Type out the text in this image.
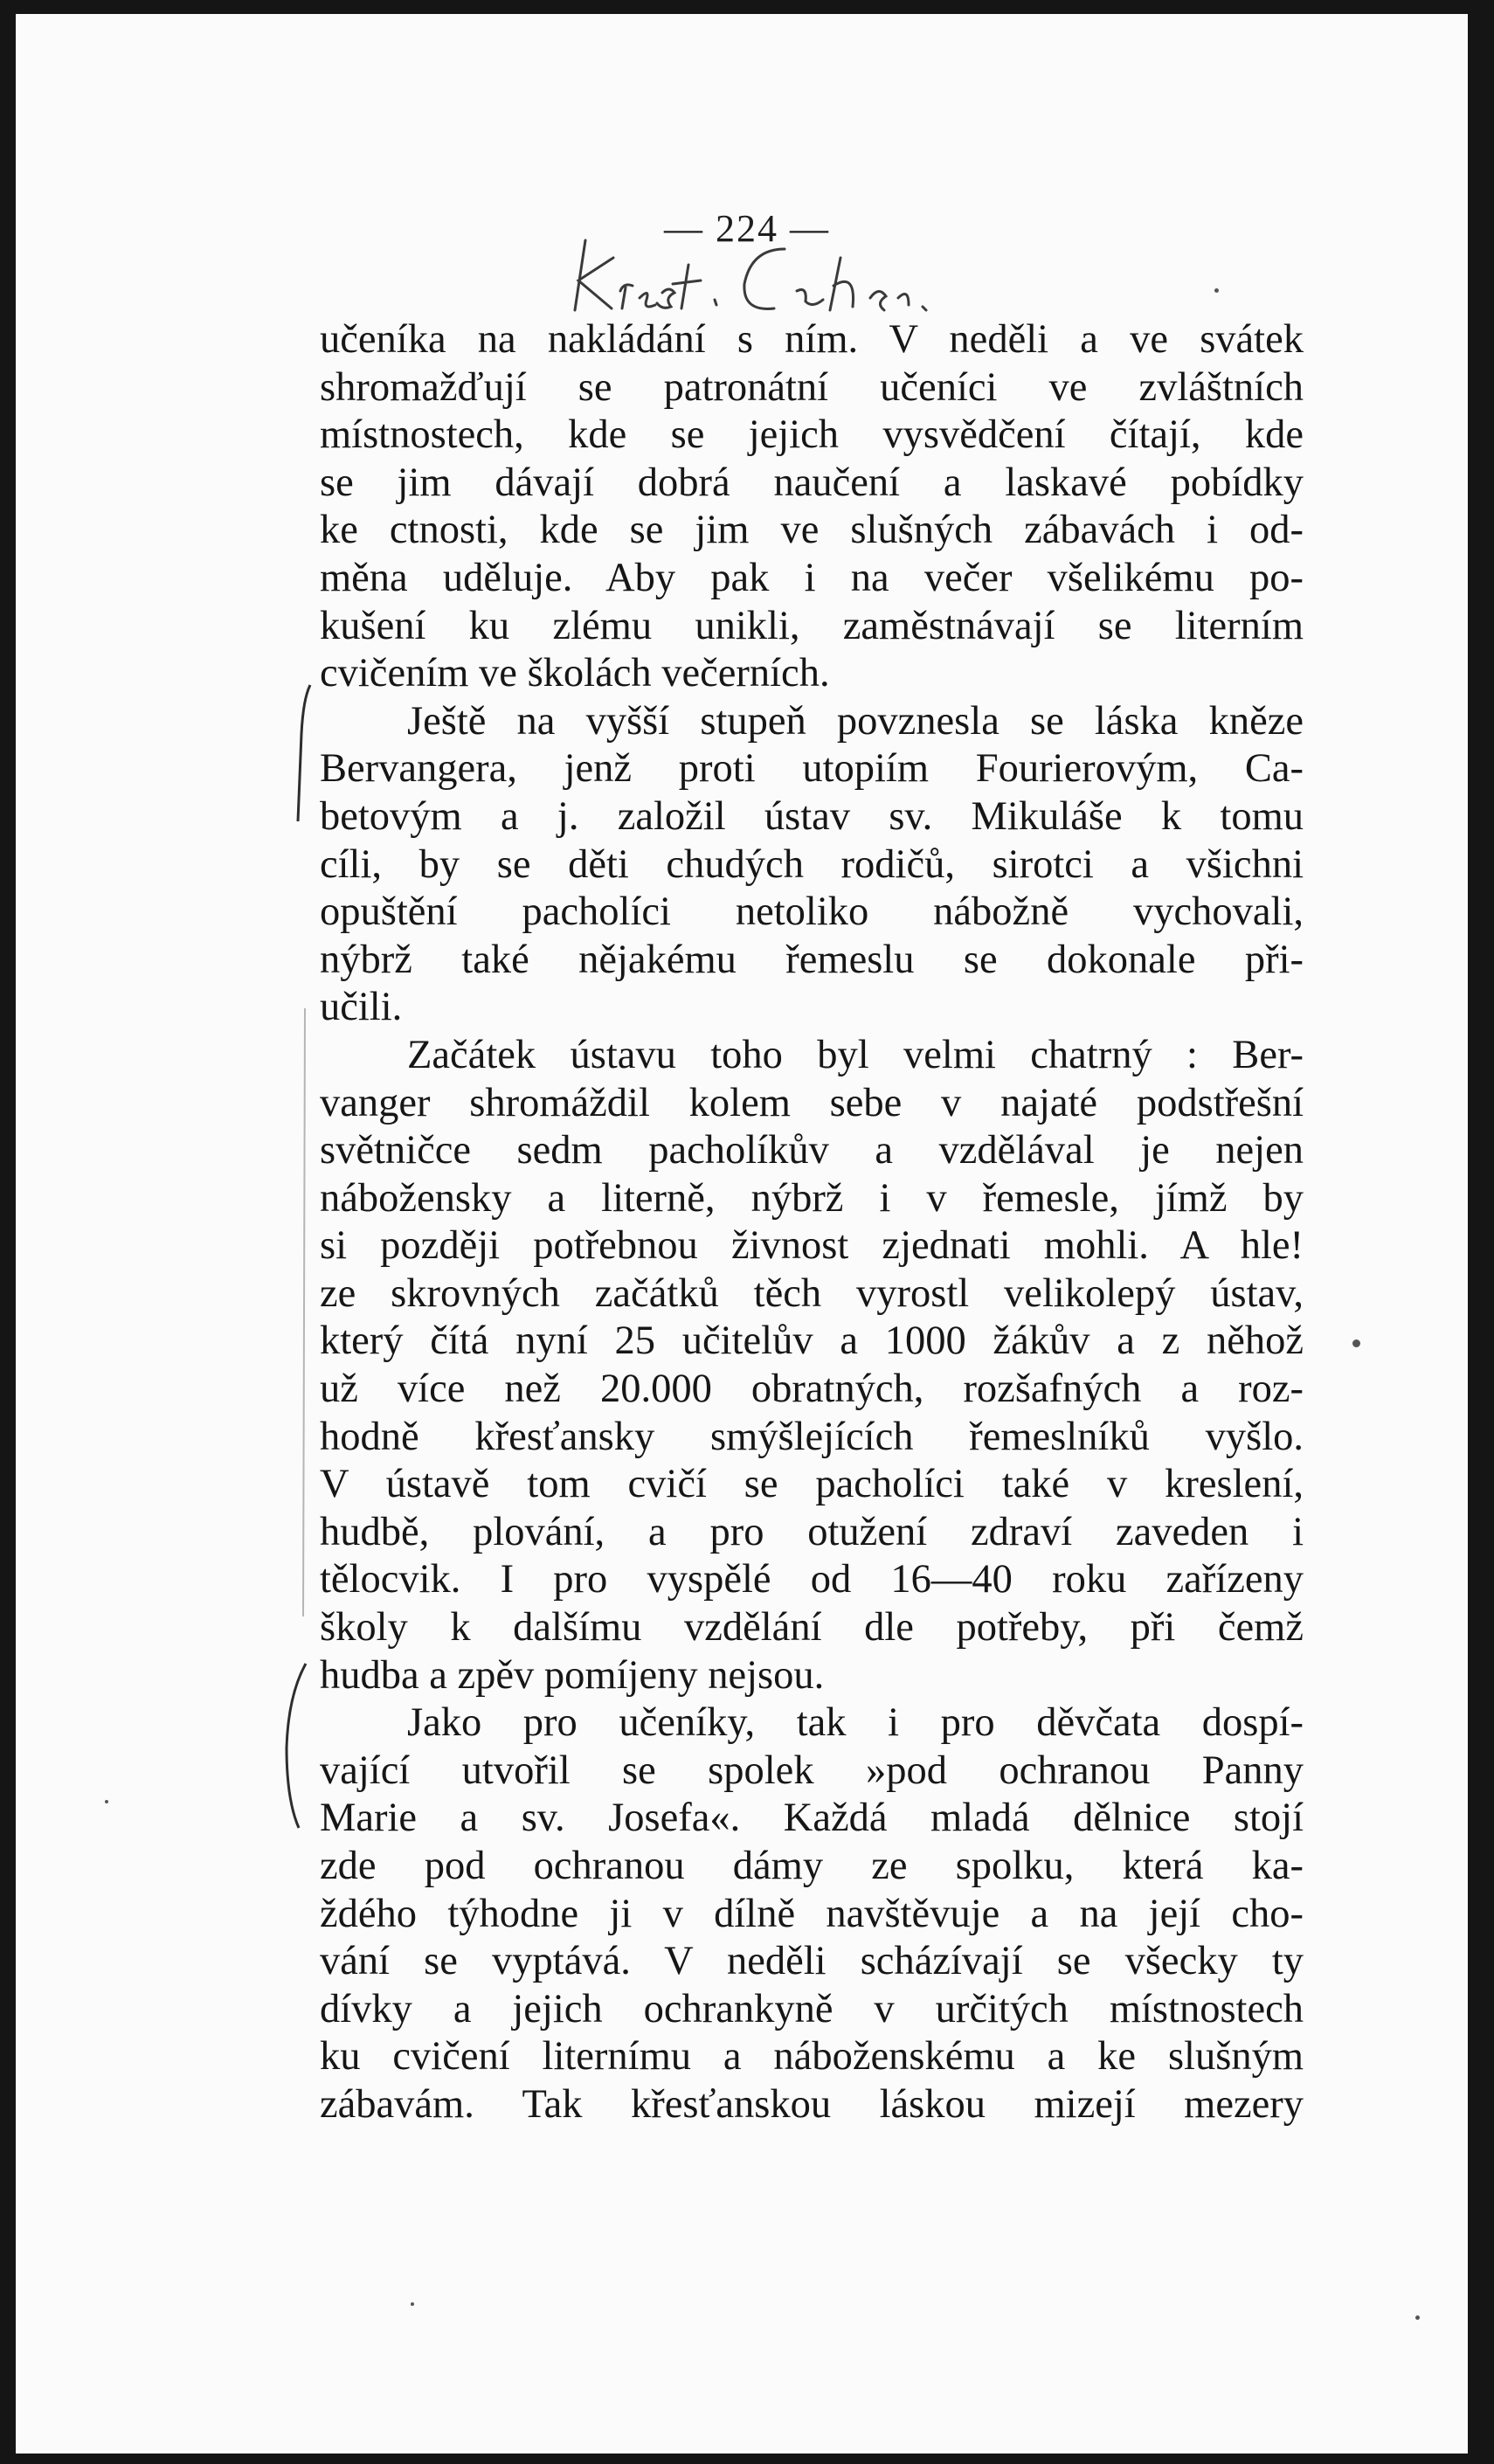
— 224 —
učeníka na nakládání s ním. V neděli a ve svátek
shromažďují se patronátní učeníci ve zvláštních
místnostech, kde se jejich vysvědčení čítají, kde
se jim dávají dobrá naučení a laskavé pobídky
ke ctnosti, kde se jim ve slušných zábavách i od-
měna uděluje. Aby pak i na večer všelikému po-
kušení ku zlému unikli, zaměstnávají se literním
cvičením ve školách večerních.
Ještě na vyšší stupeň povznesla se láska kněze
Bervangera, jenž proti utopiím Fourierovým, Ca-
betovým a j. založil ústav sv. Mikuláše k tomu
cíli, by se děti chudých rodičů, sirotci a všichni
opuštění pacholíci netoliko nábožně vychovali,
nýbrž také nějakému řemeslu se dokonale při-
učili.
Začátek ústavu toho byl velmi chatrný : Ber-
vanger shromáždil kolem sebe v najaté podstřešní
světničce sedm pacholíkův a vzdělával je nejen
nábožensky a literně, nýbrž i v řemesle, jímž by
si později potřebnou živnost zjednati mohli. A hle!
ze skrovných začátků těch vyrostl velikolepý ústav,
který čítá nyní 25 učitelův a 1000 žákův a z něhož
už více než 20.000 obratných, rozšafných a roz-
hodně křesťansky smýšlejících řemeslníků vyšlo.
V ústavě tom cvičí se pacholíci také v kreslení,
hudbě, plování, a pro otužení zdraví zaveden i
tělocvik. I pro vyspělé od 16—40 roku zařízeny
školy k dalšímu vzdělání dle potřeby, při čemž
hudba a zpěv pomíjeny nejsou.
Jako pro učeníky, tak i pro děvčata dospí-
vající utvořil se spolek »pod ochranou Panny
Marie a sv. Josefa«. Každá mladá dělnice stojí
zde pod ochranou dámy ze spolku, která ka-
ždého týhodne ji v dílně navštěvuje a na její cho-
vání se vyptává. V neděli scházívají se všecky ty
dívky a jejich ochrankyně v určitých místnostech
ku cvičení liternímu a náboženskému a ke slušným
zábavám. Tak křesťanskou láskou mizejí mezery
